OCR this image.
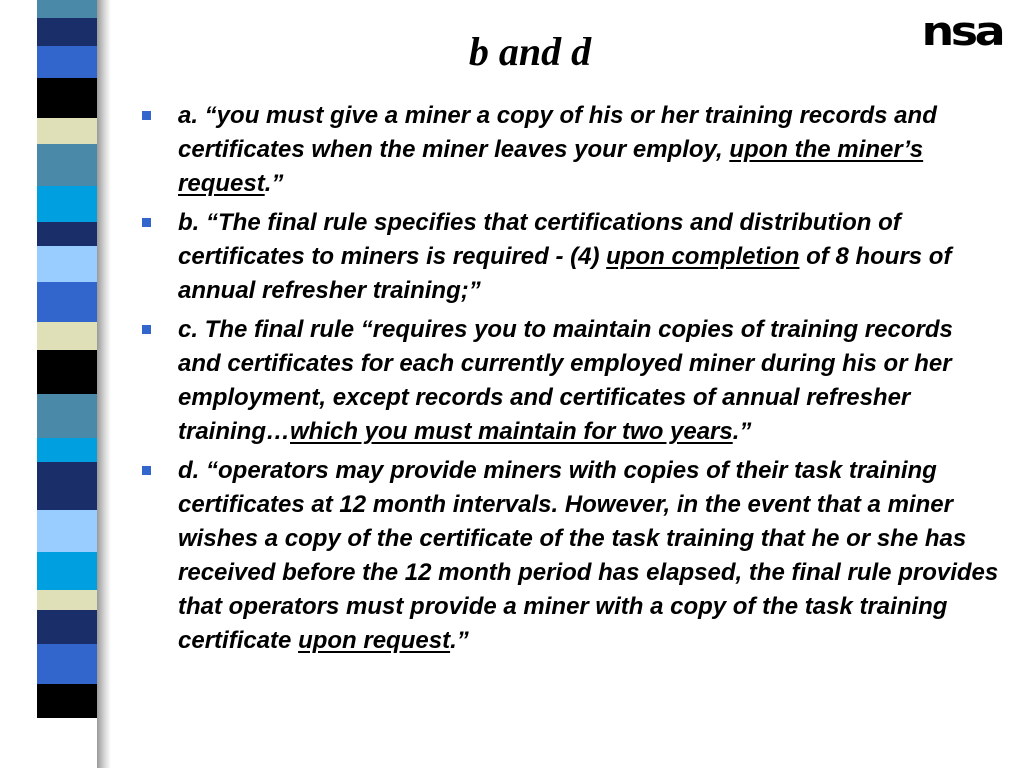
b and d	nsa
a. “you must give a miner a copy of his or her training records and certificates when the miner leaves your employ, upon the miner’s request.”
b. “The final rule specifies that certifications and distribution of certificates to miners is required - (4) upon completion of 8 hours of annual refresher training;”
c. The final rule “requires you to maintain copies of training records and certificates for each currently employed miner during his or her employment, except records and certificates of annual refresher training…which you must maintain for two years.”
d. “operators may provide miners with copies of their task training certificates at 12 month intervals. However, in the event that a miner wishes a copy of the certificate of the task training that he or she has received before the 12 month period has elapsed, the final rule provides that operators must provide a miner with a copy of the task training certificate upon request.”
